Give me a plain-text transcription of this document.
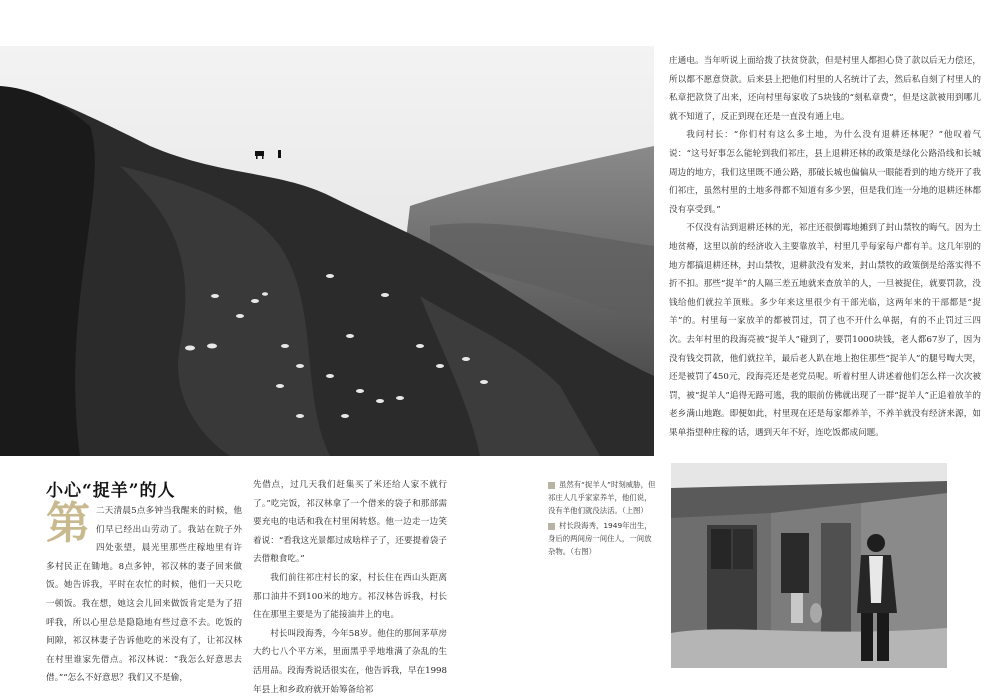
庄通电。当年听说上面给拨了扶贫贷款，但是村里人都担心贷了款以后无力偿还，所以都不愿意贷款。后来县上把他们村里的人名统计了去，然后私自刻了村里人的私章把款贷了出来，还向村里每家收了5块钱的“刻私章费”，但是这款被用到哪儿就不知道了，反正到现在还是一直没有通上电。

我问村长：“你们村有这么多土地，为什么没有退耕还林呢？”他叹着气说：“这号好事怎么能轮到我们祁庄，县上退耕还林的政策是绿化公路沿线和长城周边的地方，我们这里既不通公路，那破长城也偏偏从一眼能看到的地方绕开了我们祁庄，虽然村里的土地多得都不知道有多少罢，但是我们连一分地的退耕还林都没有享受到。”

不仅没有沾到退耕还林的光，祁庄还很倒霉地摊到了封山禁牧的晦气。因为土地贫瘠，这里以前的经济收入主要靠放羊，村里几乎每家每户都有羊。这几年别的地方都搞退耕还林，封山禁牧，退耕款没有发来，封山禁牧的政策倒是给落实得不折不扣。那些“捉羊”的人隔三差五地就来查放羊的人，一旦被捉住，就要罚款，没钱给他们就拉羊顶账。多少年来这里很少有干部光临，这两年来的干部都是“捉羊”的。村里每一家放羊的都被罚过，罚了也不开什么单据，有的不止罚过三四次。去年村里的段海亮被“捉羊人”碰到了，要罚1000块钱，老人都67岁了，因为没有钱交罚款，他们就拉羊，最后老人趴在地上抱住那些“捉羊人”的腿号啕大哭，还是被罚了450元，段海亮还是老党员呢。听着村里人讲述着他们怎么样一次次被罚，被“捉羊人”追得无路可逃，我的眼前仿佛就出现了一群“捉羊人”正追着放羊的老乡满山地跑。即便如此，村里现在还是每家都养羊，不养羊就没有经济来源，如果单指望种庄稼的话，遇到天年不好，连吃饭都成问题。

小心“捉羊”的人
第 二天清晨5点多钟当我醒来的时候，他们早已经出山劳动了。我站在院子外四处张望，晨光里那些庄稼地里有许多村民正在锄地。8点多钟，祁汉林的妻子回来做饭。她告诉我，平时在农忙的时候，他们一天只吃一顿饭。我在想，她这会儿回来做饭肯定是为了招呼我，所以心里总是隐隐地有些过意不去。吃饭的间隙，祁汉林妻子告诉他吃的米没有了，让祁汉林在村里谁家先借点。祁汉林说：“我怎么好意思去借。”“怎么不好意思？我们又不是偷，

先借点，过几天我们赶集买了米还给人家不就行了。”吃完饭，祁汉林拿了一个借来的袋子和那部需要充电的电话和我在村里闲转悠。他一边走一边笑着说：“看我这光景都过成啥样子了，还要提着袋子去借粮食吃。”

我们前往祁庄村长的家，村长住在西山头距离那口油井不到100米的地方。祁汉林告诉我，村长住在那里主要是为了能接油井上的电。

村长叫段海秀，今年58岁。他住的那间茅草房大约七八个平方米，里面黑乎乎地堆满了杂乱的生活用品。段海秀说话很实在，他告诉我，早在1998年县上和乡政府就开始筹备给祁

虽然有“捉羊人”时刻威胁，但祁庄人几乎家家养羊，他们说，没有羊他们就没法活。（上图）
村长段海秀，1949年出生，身后的两间房一间住人，一间放杂物。（右图）
